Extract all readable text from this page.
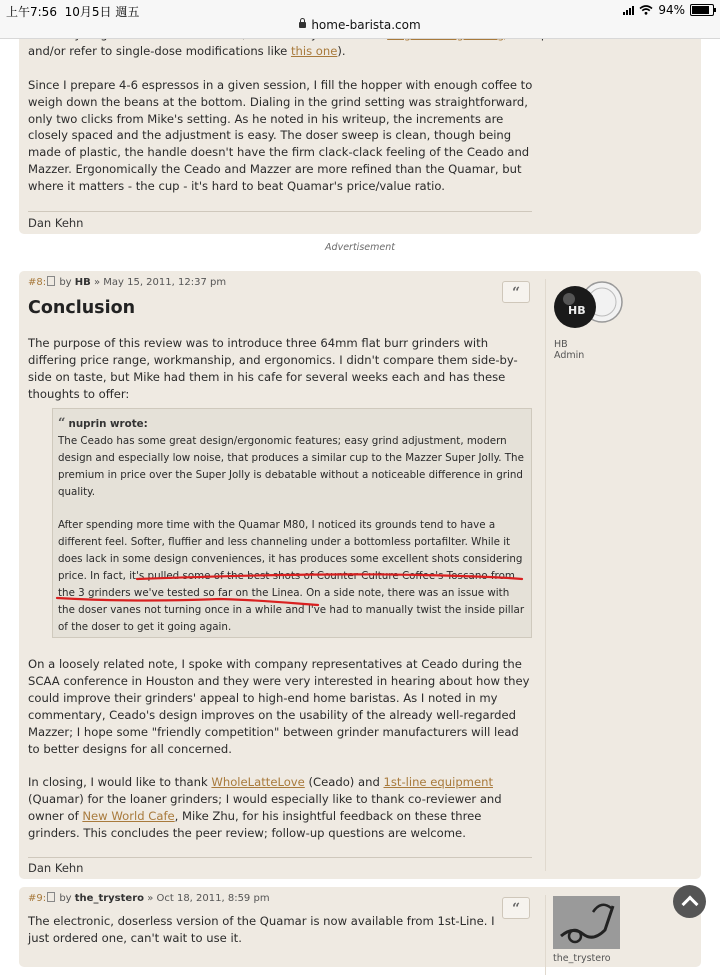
上午7:56 10月5日 週五
home-barista.com
94%

and/or refer to single-dose modifications like this one).

Since I prepare 4-6 espressos in a given session, I fill the hopper with enough coffee to weigh down the beans at the bottom. Dialing in the grind setting was straightforward, only two clicks from Mike's setting. As he noted in his writeup, the increments are closely spaced and the adjustment is easy. The doser sweep is clean, though being made of plastic, the handle doesn't have the firm clack-clack feeling of the Ceado and Mazzer. Ergonomically the Ceado and Mazzer are more refined than the Quamar, but where it matters - the cup - it's hard to beat Quamar's price/value ratio.

Dan Kehn
Advertisement
#8: by HB » May 15, 2011, 12:37 pm
“
Conclusion

The purpose of this review was to introduce three 64mm flat burr grinders with differing price range, workmanship, and ergonomics. I didn't compare them side-by-side on taste, but Mike had them in his cafe for several weeks each and has these thoughts to offer:

“ nuprin wrote:

The Ceado has some great design/ergonomic features; easy grind adjustment, modern design and especially low noise, that produces a similar cup to the Mazzer Super Jolly. The premium in price over the Super Jolly is debatable without a noticeable difference in grind quality.

After spending more time with the Quamar M80, I noticed its grounds tend to have a different feel. Softer, fluffier and less channeling under a bottomless portafilter. While it does lack in some design conveniences, it has produces some excellent shots considering price. In fact, it's pulled some of the best shots of Counter Culture Coffee's Toscano from the 3 grinders we've tested so far on the Linea. On a side note, there was an issue with the doser vanes not turning once in a while and I've had to manually twist the inside pillar of the doser to get it going again.

On a loosely related note, I spoke with company representatives at Ceado during the SCAA conference in Houston and they were very interested in hearing about how they could improve their grinders' appeal to high-end home baristas. As I noted in my commentary, Ceado's design improves on the usability of the already well-regarded Mazzer; I hope some "friendly competition" between grinder manufacturers will lead to better designs for all concerned.

In closing, I would like to thank WholeLatteLove (Ceado) and 1st-line equipment (Quamar) for the loaner grinders; I would especially like to thank co-reviewer and owner of New World Cafe, Mike Zhu, for his insightful feedback on these three grinders. This concludes the peer review; follow-up questions are welcome.

Dan Kehn
HB
HB
Admin
#9: by the_trystero » Oct 18, 2011, 8:59 pm
“

The electronic, doserless version of the Quamar is now available from 1st-Line. I just ordered one, can't wait to use it.

the_trystero
